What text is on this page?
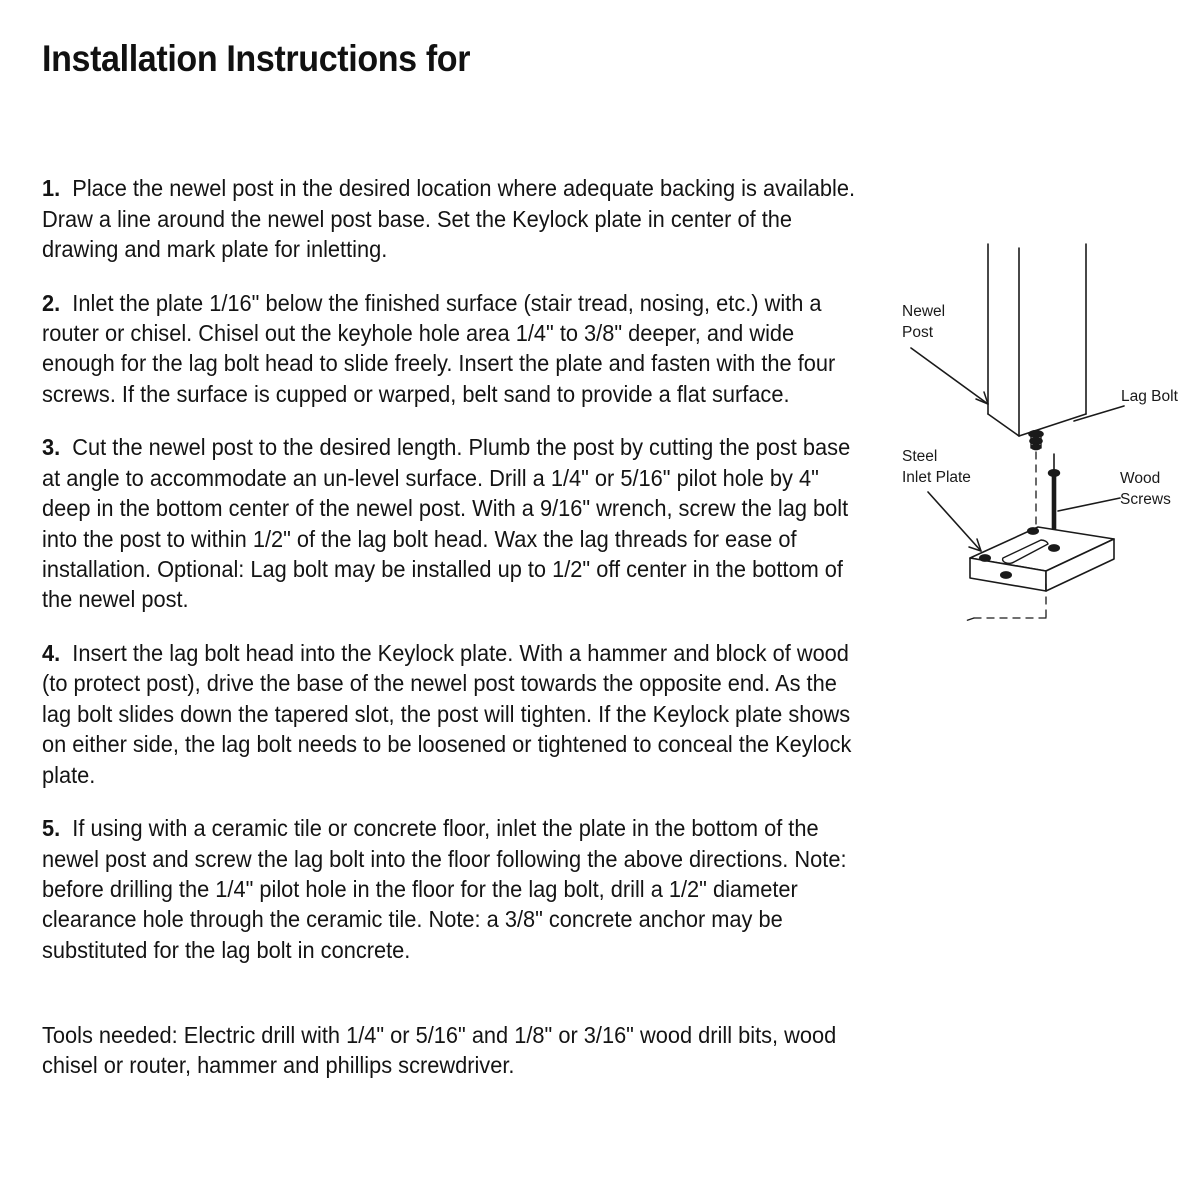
Installation Instructions for

1. Place the newel post in the desired location where adequate backing is available. Draw a line around the newel post base. Set the Keylock plate in center of the drawing and mark plate for inletting.

2. Inlet the plate 1/16" below the finished surface (stair tread, nosing, etc.) with a router or chisel. Chisel out the keyhole hole area 1/4" to 3/8" deeper, and wide enough for the lag bolt head to slide freely. Insert the plate and fasten with the four screws. If the surface is cupped or warped, belt sand to provide a flat surface.

3. Cut the newel post to the desired length. Plumb the post by cutting the post base at angle to accommodate an un-level surface. Drill a 1/4" or 5/16" pilot hole by 4" deep in the bottom center of the newel post. With a 9/16" wrench, screw the lag bolt into the post to within 1/2" of the lag bolt head. Wax the lag threads for ease of installation. Optional: Lag bolt may be installed up to 1/2" off center in the bottom of the newel post.

4. Insert the lag bolt head into the Keylock plate. With a hammer and block of wood (to protect post), drive the base of the newel post towards the opposite end. As the lag bolt slides down the tapered slot, the post will tighten. If the Keylock plate shows on either side, the lag bolt needs to be loosened or tightened to conceal the Keylock plate.

5. If using with a ceramic tile or concrete floor, inlet the plate in the bottom of the newel post and screw the lag bolt into the floor following the above directions. Note: before drilling the 1/4" pilot hole in the floor for the lag bolt, drill a 1/2" diameter clearance hole through the ceramic tile. Note: a 3/8" concrete anchor may be substituted for the lag bolt in concrete.

Tools needed: Electric drill with 1/4" or 5/16" and 1/8" or 3/16" wood drill bits, wood chisel or router, hammer and phillips screwdriver.
Newel
Post
Lag Bolt
Steel
Inlet Plate	Wood
Screws
